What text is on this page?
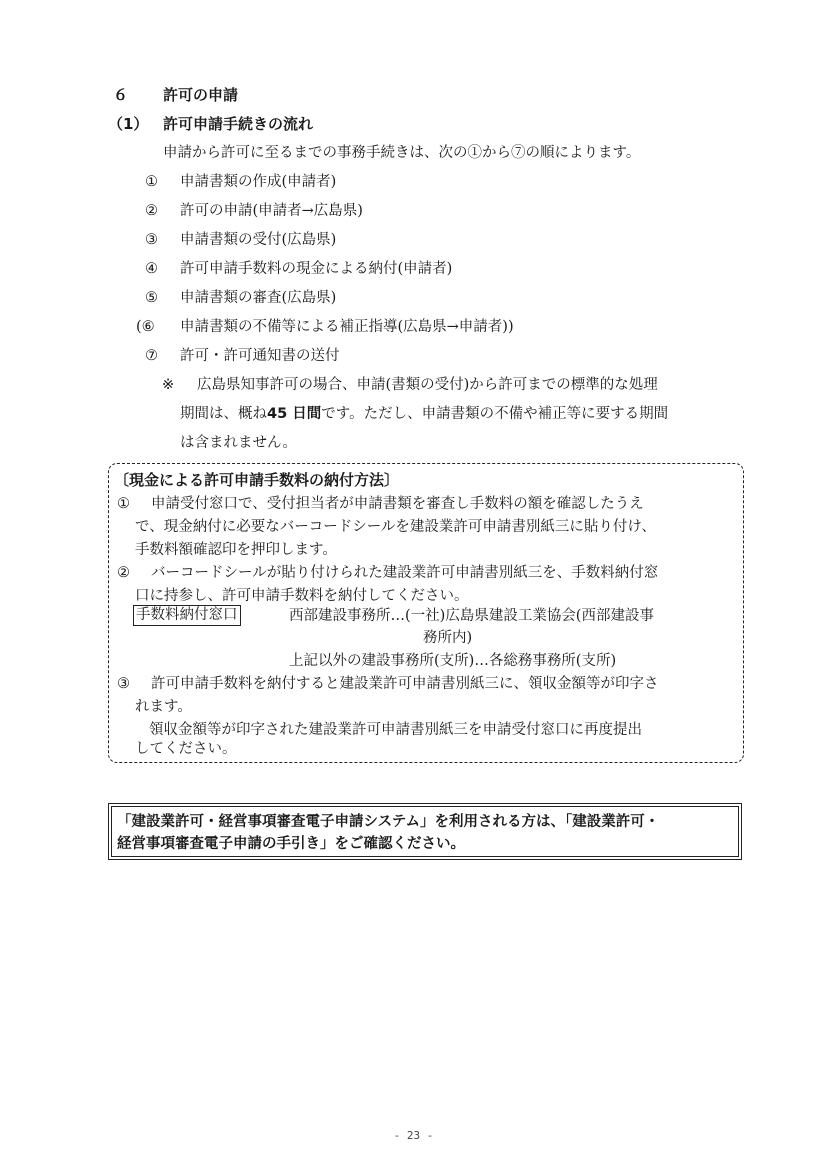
６ 許可の申請
（1） 許可申請手続きの流れ
申請から許可に至るまでの事務手続きは、次の①から⑦の順によります。
① 申請書類の作成(申請者)
② 許可の申請(申請者→広島県)
③ 申請書類の受付(広島県)
④ 許可申請手数料の現金による納付(申請者)
⑤ 申請書類の審査(広島県)
(⑥ 申請書類の不備等による補正指導(広島県→申請者))
⑦ 許可・許可通知書の送付
※ 広島県知事許可の場合、申請(書類の受付)から許可までの標準的な処理
期間は、概ね45 日間です。ただし、申請書類の不備や補正等に要する期間
は含まれません。
〔現金による許可申請手数料の納付方法〕
① 申請受付窓口で、受付担当者が申請書類を審査し手数料の額を確認したうえ
で、現金納付に必要なバーコードシールを建設業許可申請書別紙三に貼り付け、
手数料額確認印を押印します。
② バーコードシールが貼り付けられた建設業許可申請書別紙三を、手数料納付窓
口に持参し、許可申請手数料を納付してください。
手数料納付窓口	西部建設事務所…(一社)広島県建設工業協会(西部建設事
務所内)
上記以外の建設事務所(支所)…各総務事務所(支所)
③ 許可申請手数料を納付すると建設業許可申請書別紙三に、領収金額等が印字さ
れます。
領収金額等が印字された建設業許可申請書別紙三を申請受付窓口に再度提出
してください。
「建設業許可・経営事項審査電子申請システム」を利用される方は、「建設業許可・
経営事項審査電子申請の手引き」をご確認ください。
- 23 -
